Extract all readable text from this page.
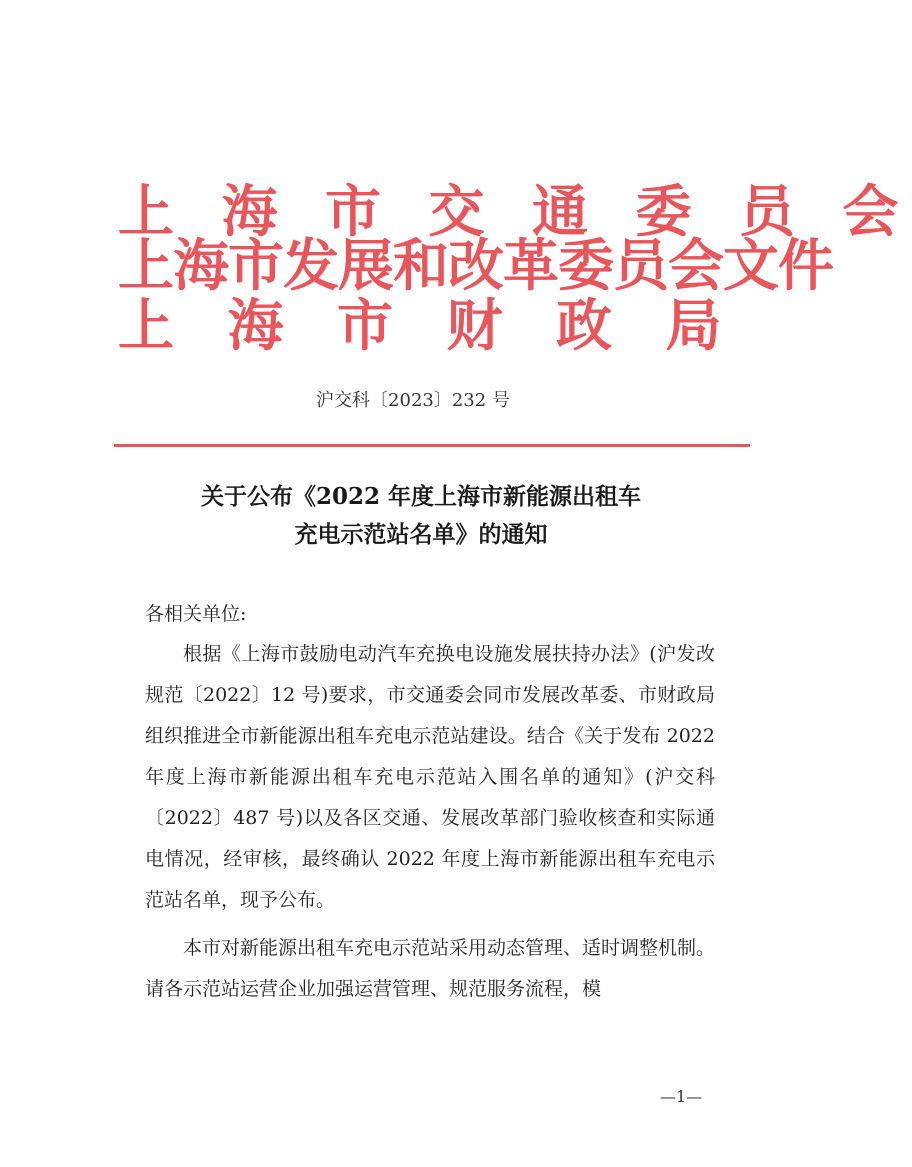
上 海 市 交 通 委 员 会
上海市发展和改革委员会文件
上 海 市 财 政 局
沪交科〔2023〕232 号
关于公布《2022 年度上海市新能源出租车
充电示范站名单》的通知
各相关单位:
根据《上海市鼓励电动汽车充换电设施发展扶持办法》(沪发改规范〔2022〕12 号)要求，市交通委会同市发展改革委、市财政局组织推进全市新能源出租车充电示范站建设。结合《关于发布 2022 年度上海市新能源出租车充电示范站入围名单的通知》(沪交科〔2022〕487 号)以及各区交通、发展改革部门验收核查和实际通电情况，经审核，最终确认 2022 年度上海市新能源出租车充电示范站名单，现予公布。
本市对新能源出租车充电示范站采用动态管理、适时调整机制。请各示范站运营企业加强运营管理、规范服务流程，模
—1—
